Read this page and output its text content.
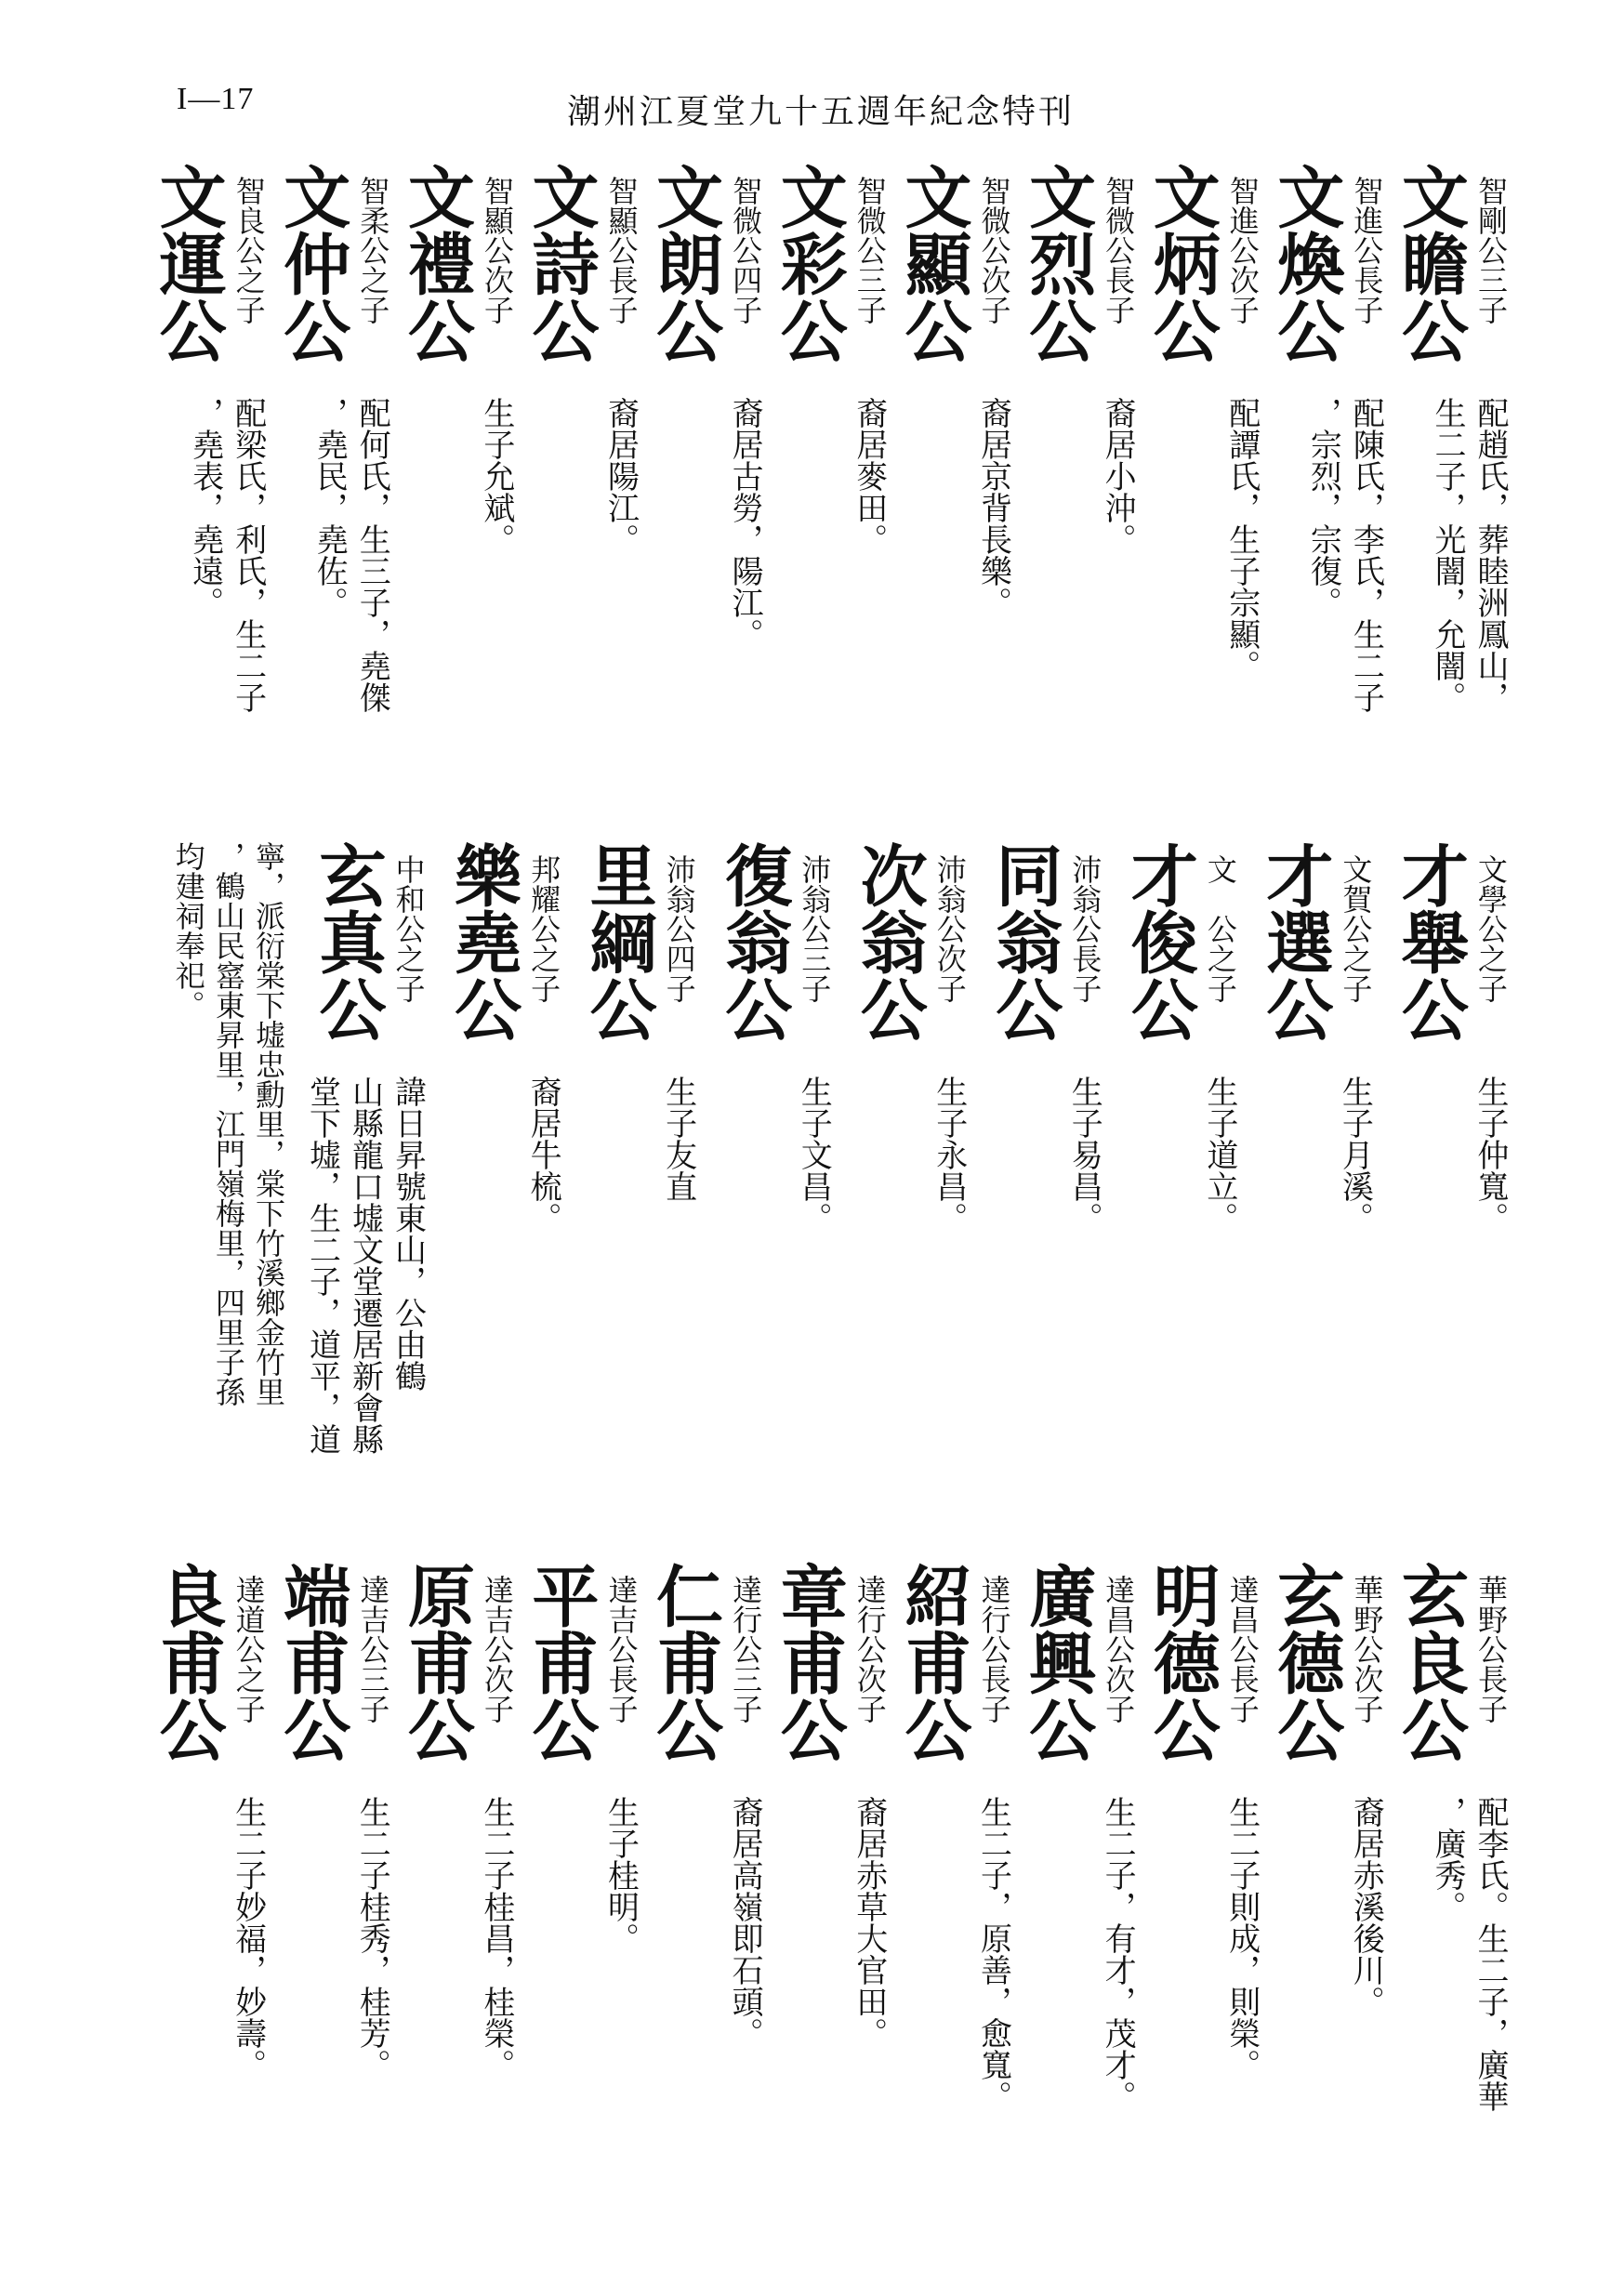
I—17	潮州江夏堂九十五週年紀念特刊
智剛公三子
文瞻公
配趙氏，葬睦洲鳳山，
生二子，光闇，允闇。
智進公長子
文煥公
配陳氏，李氏，生二子
，宗烈，宗復。
智進公次子
文炳公
配譚氏，生子宗顯。
智微公長子
文烈公
裔居小沖。
智微公次子
文顯公
裔居京背長樂。
智微公三子
文彩公
裔居麥田。
智微公四子
文朗公
裔居古勞，陽江。
智顯公長子
文詩公
裔居陽江。
智顯公次子
文禮公
生子允斌。
智柔公之子
文仲公
配何氏，生三子，堯傑
，堯民，堯佐。
智良公之子
文運公
配梁氏，利氏，生二子
，堯表，堯遠。
文學公之子
才舉公
生子仲寬。
文賀公之子
才選公
生子月溪。
文　公之子
才俊公
生子道立。
沛翁公長子
同翁公
生子易昌。
沛翁公次子
次翁公
生子永昌。
沛翁公三子
復翁公
生子文昌。
沛翁公四子
里綱公
生子友直
邦耀公之子
樂堯公
裔居牛梳。
中和公之子
玄真公
諱日昇號東山，公由鶴
山縣龍口墟文堂遷居新會縣
堂下墟，生二子，道平，道
寧，派衍棠下墟忠勳里，棠下竹溪鄉金竹里
，鶴山民窰東昇里，江門嶺梅里，四里子孫
均建祠奉祀。
華野公長子
玄良公
配李氏。生二子，廣華
，廣秀。
華野公次子
玄德公
裔居赤溪後川。
達昌公長子
明德公
生二子則成，則榮。
達昌公次子
廣興公
生二子，有才，茂才。
達行公長子
紹甫公
生二子，原善，愈寬。
達行公次子
章甫公
裔居赤草大官田。
達行公三子
仁甫公
裔居高嶺即石頭。
達吉公長子
平甫公
生子桂明。
達吉公次子
原甫公
生二子桂昌，桂榮。
達吉公三子
端甫公
生二子桂秀，桂芳。
達道公之子
良甫公
生二子妙福，妙壽。
